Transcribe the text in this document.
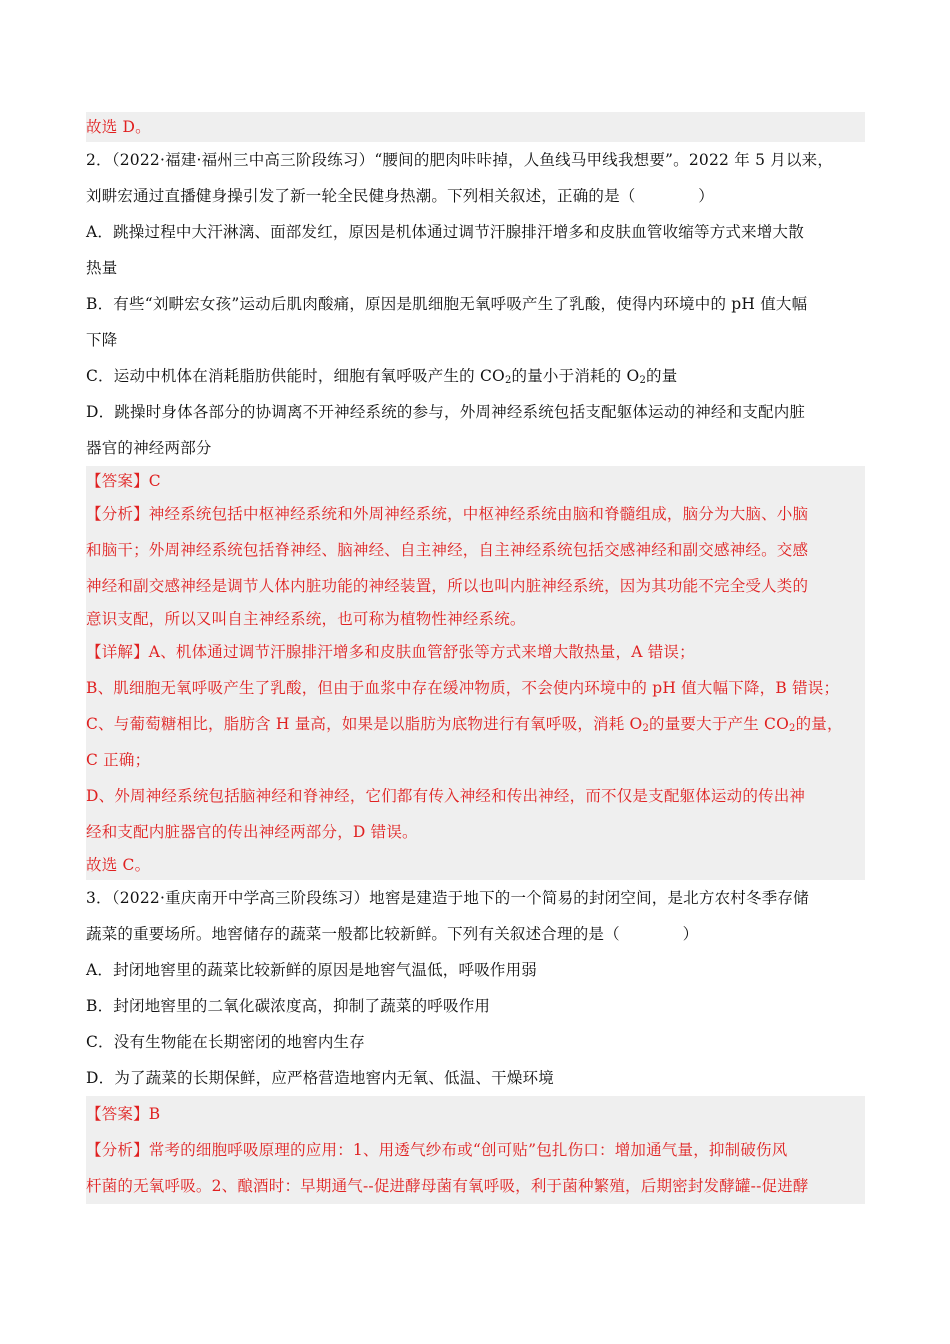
故选 D。
2．（2022·福建·福州三中高三阶段练习）“腰间的肥肉咔咔掉，人鱼线马甲线我想要”。2022 年 5 月以来，
刘畊宏通过直播健身操引发了新一轮全民健身热潮。下列相关叙述，正确的是（　　　　）
A．跳操过程中大汗淋漓、面部发红，原因是机体通过调节汗腺排汗增多和皮肤血管收缩等方式来增大散
热量
B．有些“刘畊宏女孩”运动后肌肉酸痛，原因是肌细胞无氧呼吸产生了乳酸，使得内环境中的 pH 值大幅
下降
C．运动中机体在消耗脂肪供能时，细胞有氧呼吸产生的 $CO_2$的量小于消耗的 $O_2$的量
D．跳操时身体各部分的协调离不开神经系统的参与，外周神经系统包括支配躯体运动的神经和支配内脏
器官的神经两部分
【答案】C
【分析】神经系统包括中枢神经系统和外周神经系统，中枢神经系统由脑和脊髓组成，脑分为大脑、小脑
和脑干；外周神经系统包括脊神经、脑神经、自主神经，自主神经系统包括交感神经和副交感神经。交感
神经和副交感神经是调节人体内脏功能的神经装置，所以也叫内脏神经系统，因为其功能不完全受人类的
意识支配，所以又叫自主神经系统，也可称为植物性神经系统。
【详解】A、机体通过调节汗腺排汗增多和皮肤血管舒张等方式来增大散热量，A 错误；
B、肌细胞无氧呼吸产生了乳酸，但由于血浆中存在缓冲物质，不会使内环境中的 pH 值大幅下降，B 错误；
C、与葡萄糖相比，脂肪含 H 量高，如果是以脂肪为底物进行有氧呼吸，消耗 $O_2$的量要大于产生 $CO_2$的量，
C 正确；
D、外周神经系统包括脑神经和脊神经，它们都有传入神经和传出神经，而不仅是支配躯体运动的传出神
经和支配内脏器官的传出神经两部分，D 错误。
故选 C。
3．（2022·重庆南开中学高三阶段练习）地窖是建造于地下的一个简易的封闭空间，是北方农村冬季存储
蔬菜的重要场所。地窖储存的蔬菜一般都比较新鲜。下列有关叙述合理的是（　　　　）
A．封闭地窖里的蔬菜比较新鲜的原因是地窖气温低，呼吸作用弱
B．封闭地窖里的二氧化碳浓度高，抑制了蔬菜的呼吸作用
C．没有生物能在长期密闭的地窖内生存
D．为了蔬菜的长期保鲜，应严格营造地窖内无氧、低温、干燥环境
【答案】B
【分析】常考的细胞呼吸原理的应用：1、用透气纱布或“创可贴”包扎伤口：增加通气量，抑制破伤风
杆菌的无氧呼吸。2、酿酒时：早期通气--促进酵母菌有氧呼吸，利于菌种繁殖，后期密封发酵罐--促进酵
